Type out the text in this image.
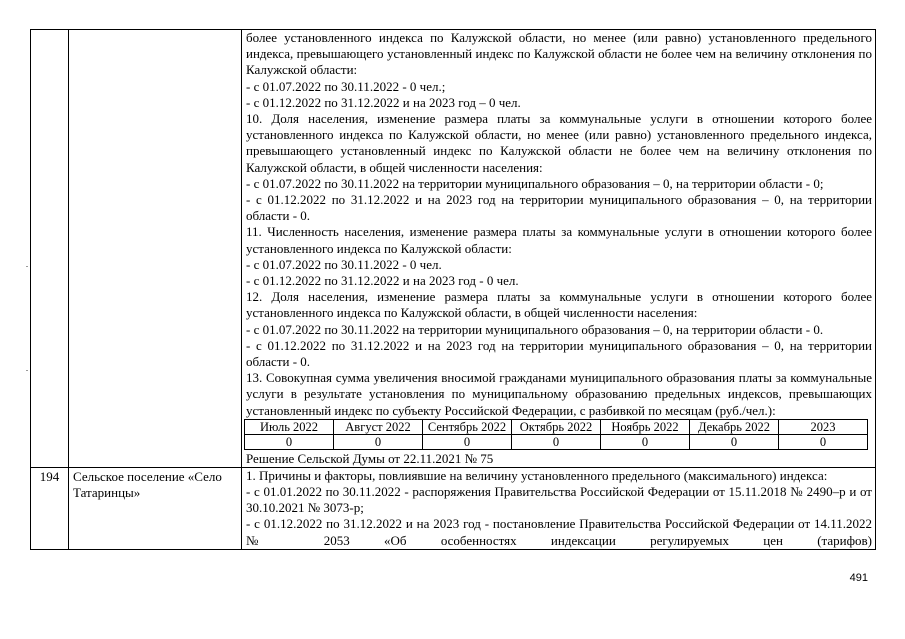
более установленного индекса по Калужской области, но менее (или равно) установленного предельного индекса, превышающего установленный индекс по Калужской области не более чем на величину отклонения по Калужской области:
- с 01.07.2022 по 30.11.2022 - 0 чел.;
- с 01.12.2022 по 31.12.2022 и на 2023 год – 0 чел.
10. Доля населения, изменение размера платы за коммунальные услуги в отношении которого более установленного индекса по Калужской области, но менее (или равно) установленного предельного индекса, превышающего установленный индекс по Калужской области не более чем на величину отклонения по Калужской области, в общей численности населения:
- с 01.07.2022 по 30.11.2022 на территории муниципального образования – 0, на территории области - 0;
- с 01.12.2022 по 31.12.2022 и на 2023 год на территории муниципального образования – 0, на территории области - 0.
11. Численность населения, изменение размера платы за коммунальные услуги в отношении которого более установленного индекса по Калужской области:
- с 01.07.2022 по 30.11.2022 - 0 чел.
- с 01.12.2022 по 31.12.2022 и на 2023 год - 0 чел.
12. Доля населения, изменение размера платы за коммунальные услуги в отношении которого более установленного индекса по Калужской области, в общей численности населения:
- с 01.07.2022 по 30.11.2022 на территории муниципального образования – 0, на территории области - 0.
- с 01.12.2022 по 31.12.2022 и на 2023 год на территории муниципального образования – 0, на территории области - 0.
13. Совокупная сумма увеличения вносимой гражданами муниципального образования платы за коммунальные услуги в результате установления по муниципальному образованию предельных индексов, превышающих установленный индекс по субъекту Российской Федерации, с разбивкой по месяцам (руб./чел.):
Июль 2022	Август 2022	Сентябрь 2022	Октябрь 2022	Ноябрь 2022	Декабрь 2022	2023
0	0	0	0	0	0	0
Решение Сельской Думы от 22.11.2021 № 75

194	Сельское поселение «Село Татаринцы»	
1. Причины и факторы, повлиявшие на величину установленного предельного (максимального) индекса:
- с 01.01.2022 по 30.11.2022 - распоряжения Правительства Российской Федерации от 15.11.2018 № 2490–р и от 30.10.2021 № 3073-р;
- с 01.12.2022 по 31.12.2022 и на 2023 год - постановление Правительства Российской Федерации от 14.11.2022 № 2053 «Об особенностях индексации регулируемых цен (тарифов)
491
